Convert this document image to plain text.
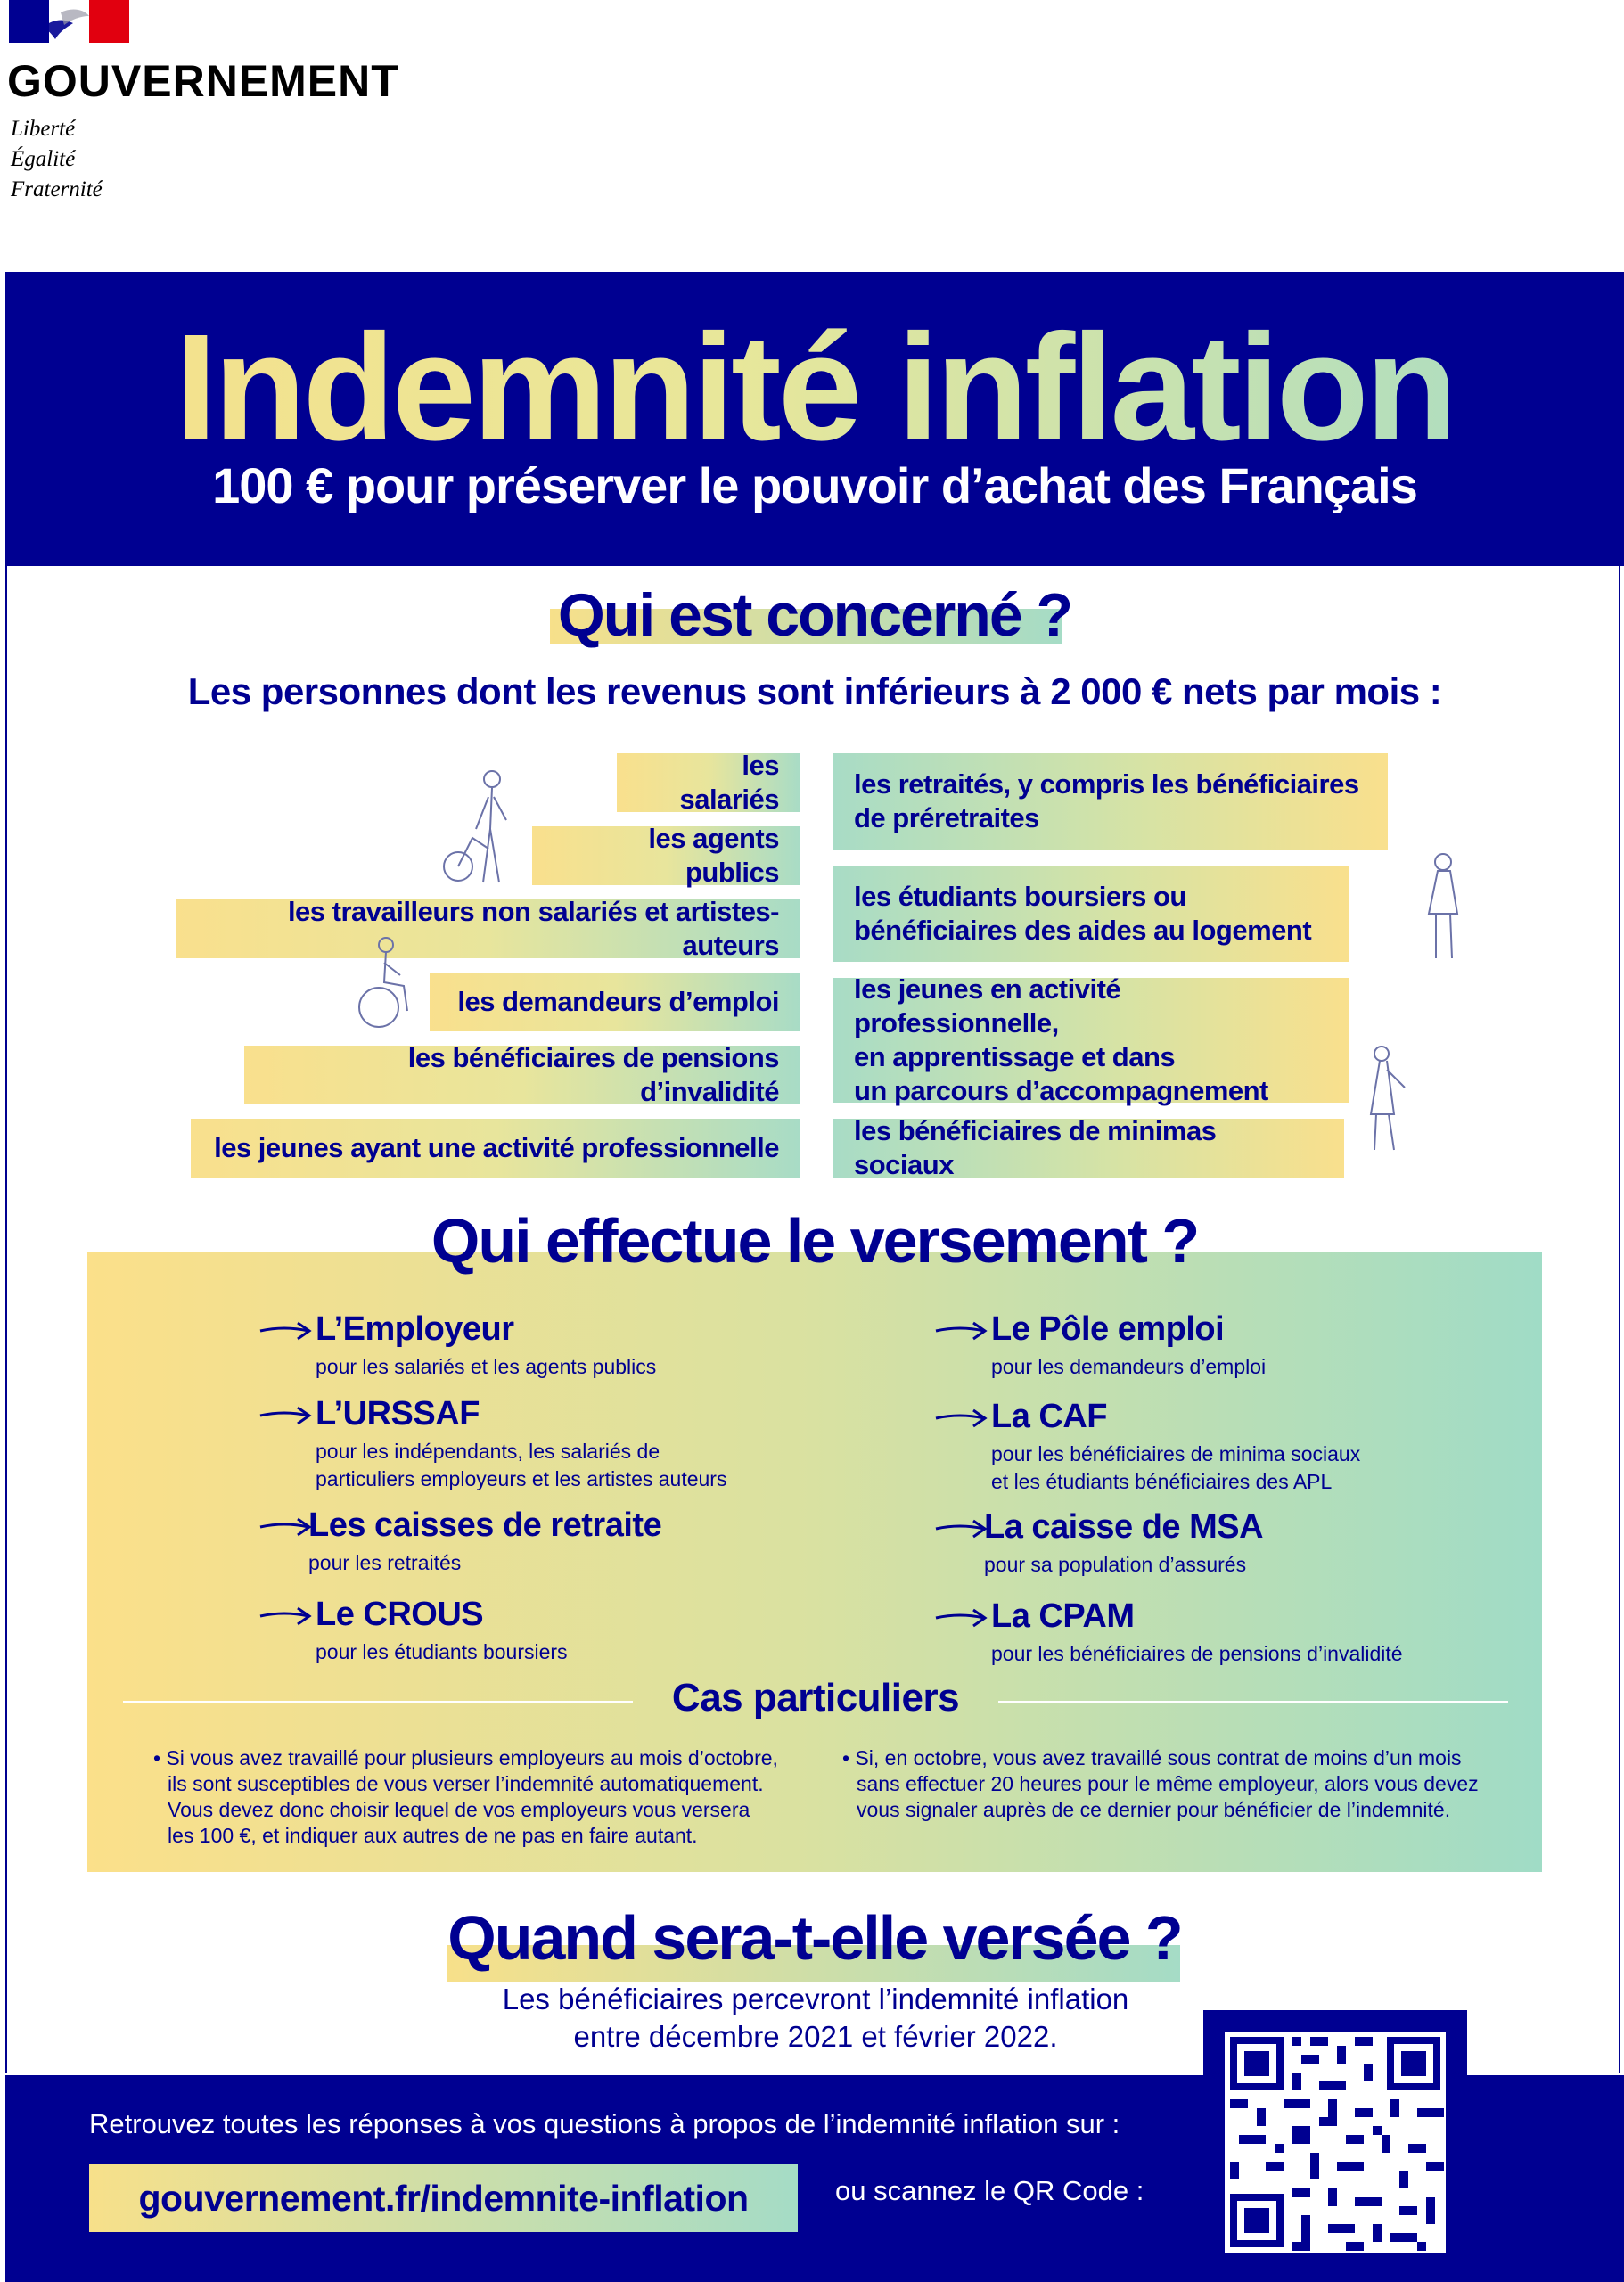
GOUVERNEMENT
Liberté
Égalité
Fraternité
Indemnité inflation
100 € pour préserver le pouvoir d’achat des Français
Qui est concerné ?
Les personnes dont les revenus sont inférieurs à 2 000 € nets par mois :
les salariés
les agents publics
les travailleurs non salariés et artistes-auteurs
les demandeurs d’emploi
les bénéficiaires de pensions d’invalidité
les jeunes ayant une activité professionnelle
les retraités, y compris les bénéficiaires
de préretraites
les étudiants boursiers ou
bénéficiaires des aides au logement
les jeunes en activité professionnelle,
en apprentissage et dans
un parcours d’accompagnement
les bénéficiaires de minimas sociaux
Qui effectue le versement ?
L’Employeur
pour les salariés et les agents publics
L’URSSAF
pour les indépendants, les salariés de
particuliers employeurs et les artistes auteurs
Les caisses de retraite
pour les retraités
Le CROUS
pour les étudiants boursiers
Le Pôle emploi
pour les demandeurs d’emploi
La CAF
pour les bénéficiaires de minima sociaux
et les étudiants bénéficiaires des APL
La caisse de MSA
pour sa population d’assurés
La CPAM
pour les bénéficiaires de pensions d’invalidité
Cas particuliers
• Si vous avez travaillé pour plusieurs employeurs au mois d’octobre,
ils sont susceptibles de vous verser l’indemnité automatiquement.
Vous devez donc choisir lequel de vos employeurs vous versera
les 100 €, et indiquer aux autres de ne pas en faire autant.
• Si, en octobre, vous avez travaillé sous contrat de moins d’un mois
sans effectuer 20 heures pour le même employeur, alors vous devez
vous signaler auprès de ce dernier pour bénéficier de l’indemnité.
Quand sera-t-elle versée ?
Les bénéficiaires percevront l’indemnité inflation
entre décembre 2021 et février 2022.
Retrouvez toutes les réponses à vos questions à propos de l’indemnité inflation sur :
gouvernement.fr/indemnite-inflation	ou scannez le QR Code :
